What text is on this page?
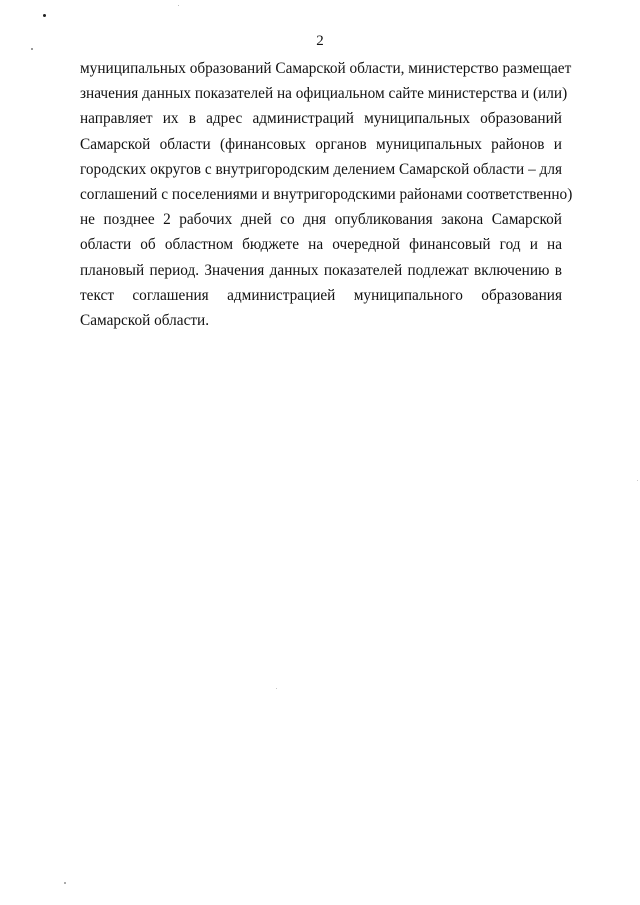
2
муниципальных образований Самарской области, министерство размещает
значения данных показателей на официальном сайте министерства и (или)
направляет их в адрес администраций муниципальных образований
Самарской области (финансовых органов муниципальных районов и
городских округов с внутригородским делением Самарской области – для
соглашений с поселениями и внутригородскими районами соответственно)
не позднее 2 рабочих дней со дня опубликования закона Самарской
области об областном бюджете на очередной финансовый год и на
плановый период. Значения данных показателей подлежат включению в
текст соглашения администрацией муниципального образования
Самарской области.
